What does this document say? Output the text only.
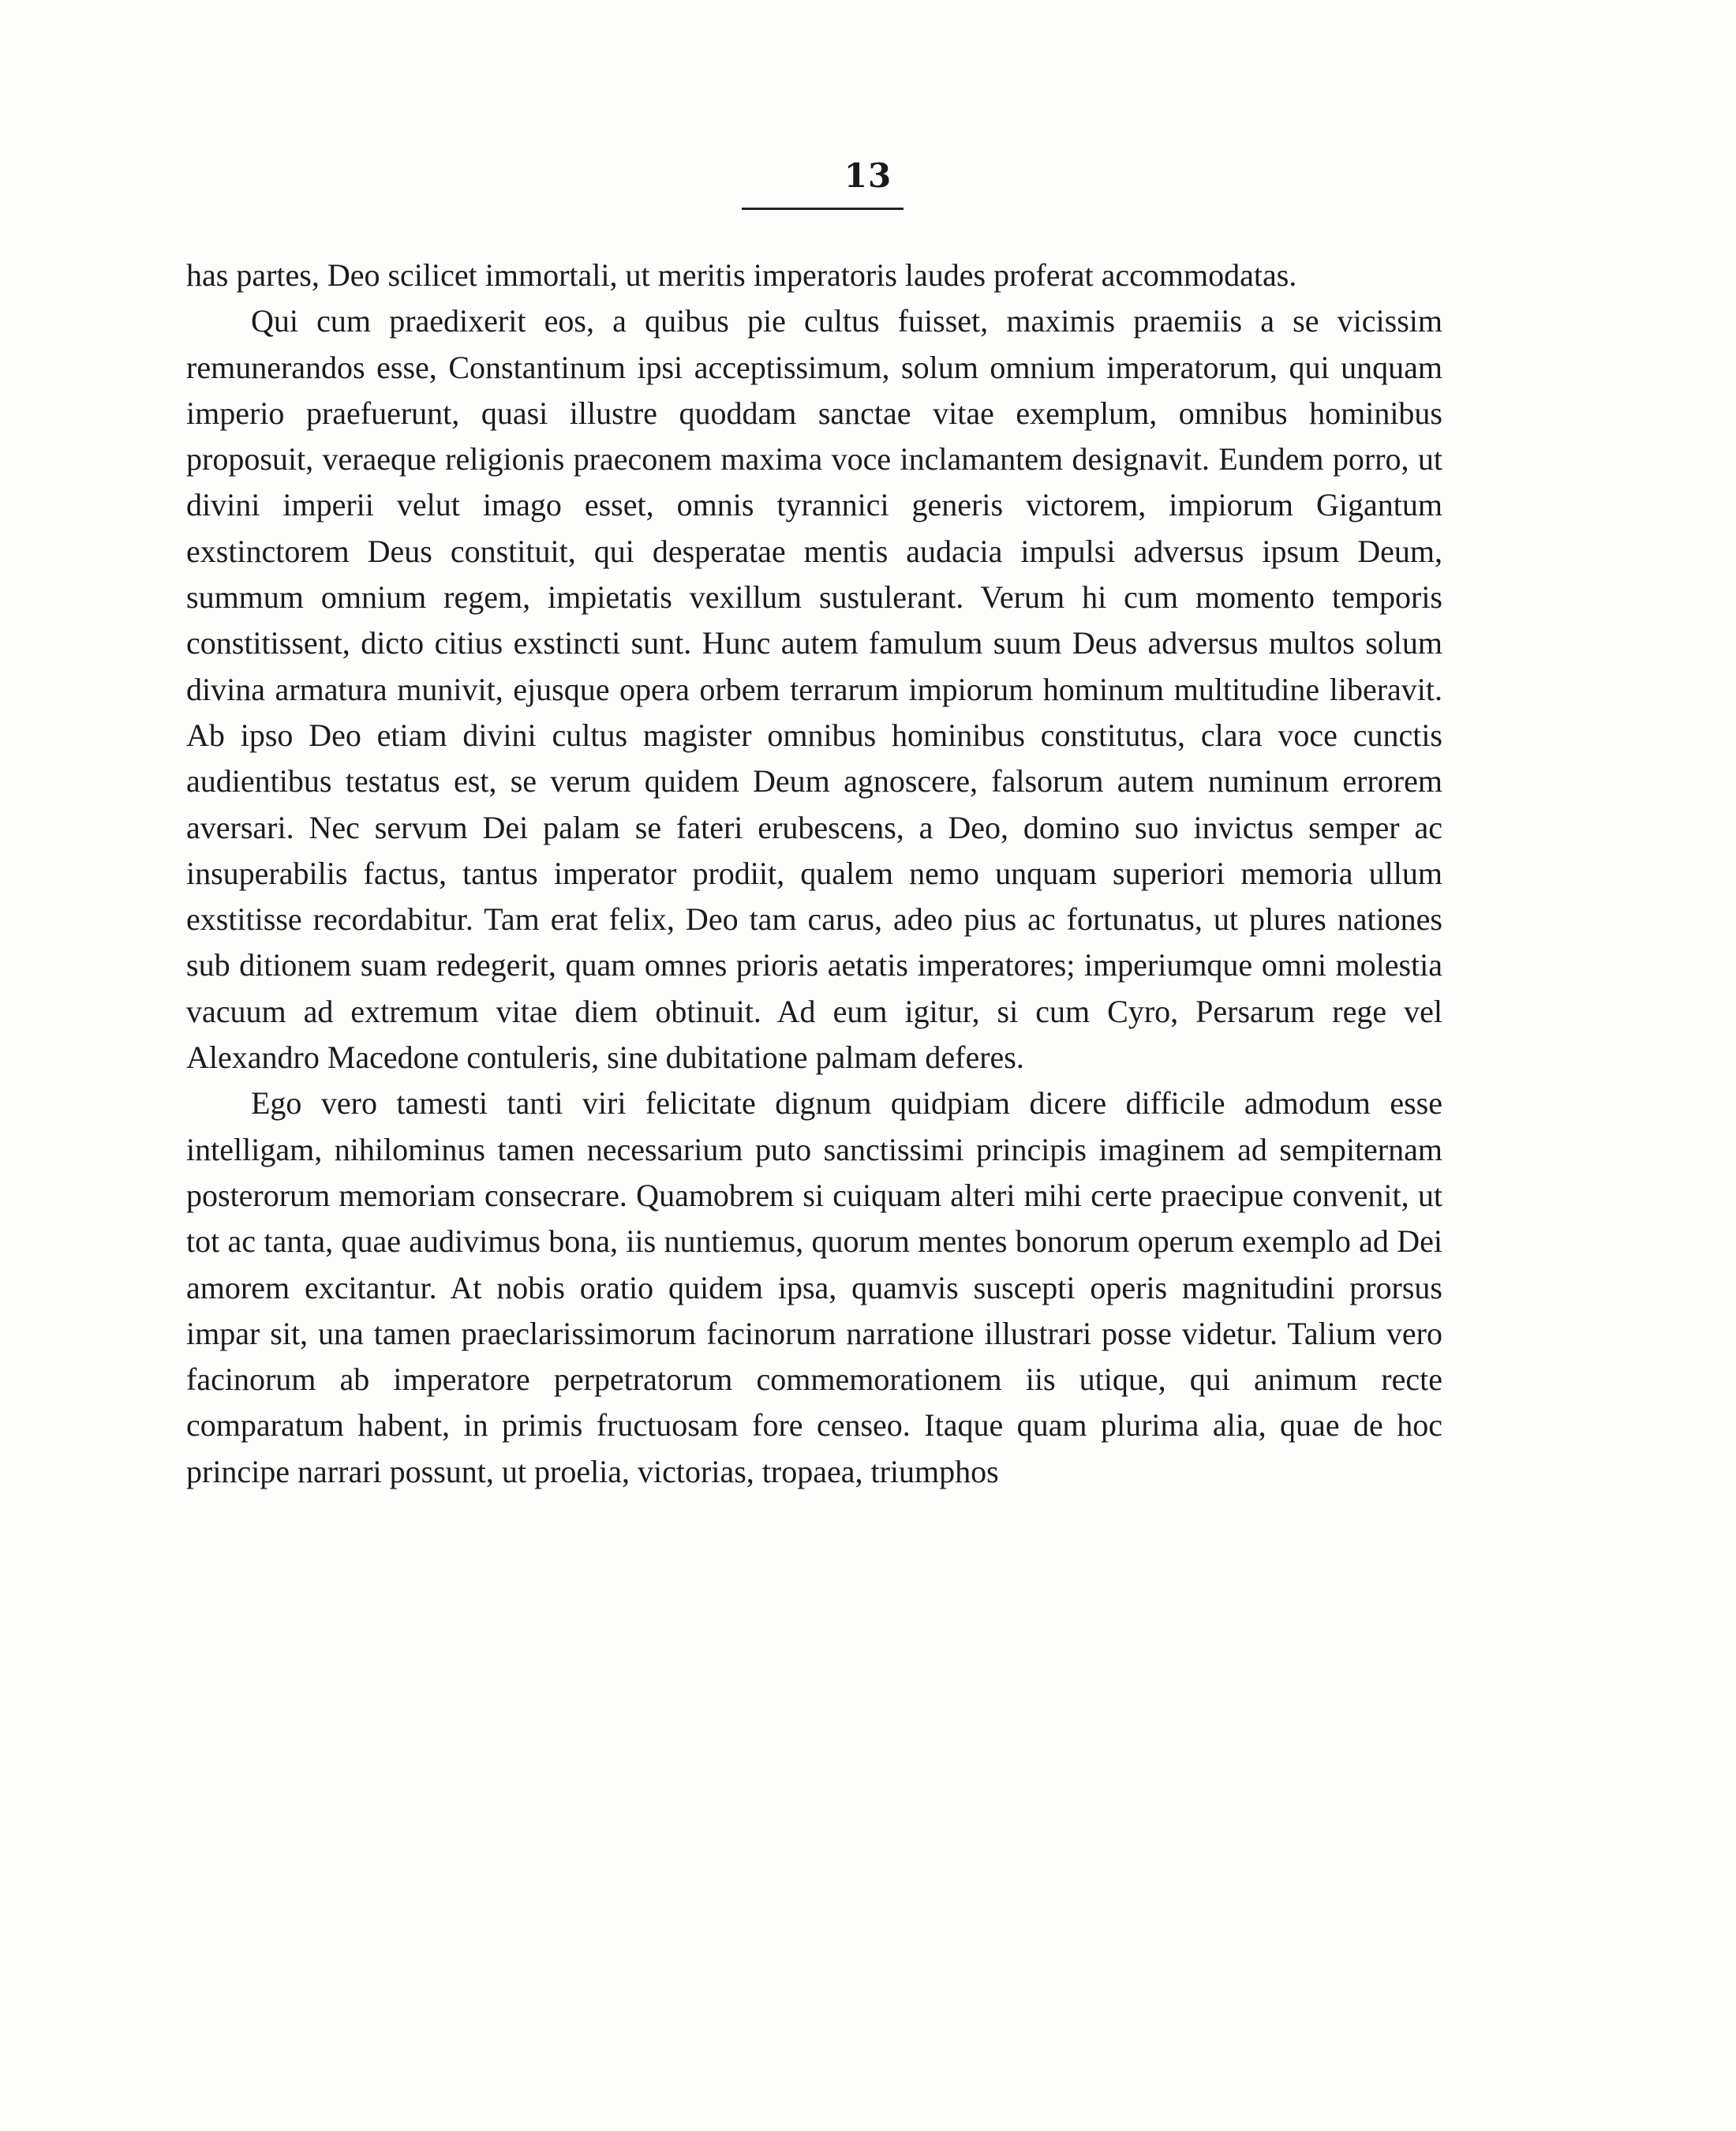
13

has partes, Deo scilicet immortali, ut meritis imperatoris laudes proferat accommodatas.

Qui cum praedixerit eos, a quibus pie cultus fuisset, maximis praemiis a se vicissim remunerandos esse, Constantinum ipsi acceptissimum, solum omnium imperatorum, qui unquam imperio praefuerunt, quasi illustre quoddam sanctae vitae exemplum, omnibus hominibus proposuit, veraeque religionis praeconem maxima voce inclamantem designavit. Eundem porro, ut divini imperii velut imago esset, omnis tyrannici generis victorem, impiorum Gigantum exstinctorem Deus constituit, qui desperatae mentis audacia impulsi adversus ipsum Deum, summum omnium regem, impietatis vexillum sustulerant. Verum hi cum momento temporis constitissent, dicto citius exstincti sunt. Hunc autem famulum suum Deus adversus multos solum divina armatura munivit, ejusque opera orbem terrarum impiorum hominum multitudine liberavit. Ab ipso Deo etiam divini cultus magister omnibus hominibus constitutus, clara voce cunctis audientibus testatus est, se verum quidem Deum agnoscere, falsorum autem numinum errorem aversari. Nec servum Dei palam se fateri erubescens, a Deo, domino suo invictus semper ac insuperabilis factus, tantus imperator prodiit, qualem nemo unquam superiori memoria ullum exstitisse recordabitur. Tam erat felix, Deo tam carus, adeo pius ac fortunatus, ut plures nationes sub ditionem suam redegerit, quam omnes prioris aetatis imperatores; imperiumque omni molestia vacuum ad extremum vitae diem obtinuit. Ad eum igitur, si cum Cyro, Persarum rege vel Alexandro Macedone contuleris, sine dubitatione palmam deferes.

Ego vero tamesti tanti viri felicitate dignum quidpiam dicere difficile admodum esse intelligam, nihilominus tamen necessarium puto sanctissimi principis imaginem ad sempiternam posterorum memoriam consecrare. Quamobrem si cuiquam alteri mihi certe praecipue convenit, ut tot ac tanta, quae audivimus bona, iis nuntiemus, quorum mentes bonorum operum exemplo ad Dei amorem excitantur. At nobis oratio quidem ipsa, quamvis suscepti operis magnitudini prorsus impar sit, una tamen praeclarissimorum facinorum narratione illustrari posse videtur. Talium vero facinorum ab imperatore perpetratorum commemorationem iis utique, qui animum recte comparatum habent, in primis fructuosam fore censeo. Itaque quam plurima alia, quae de hoc principe narrari possunt, ut proelia, victorias, tropaea, triumphos
